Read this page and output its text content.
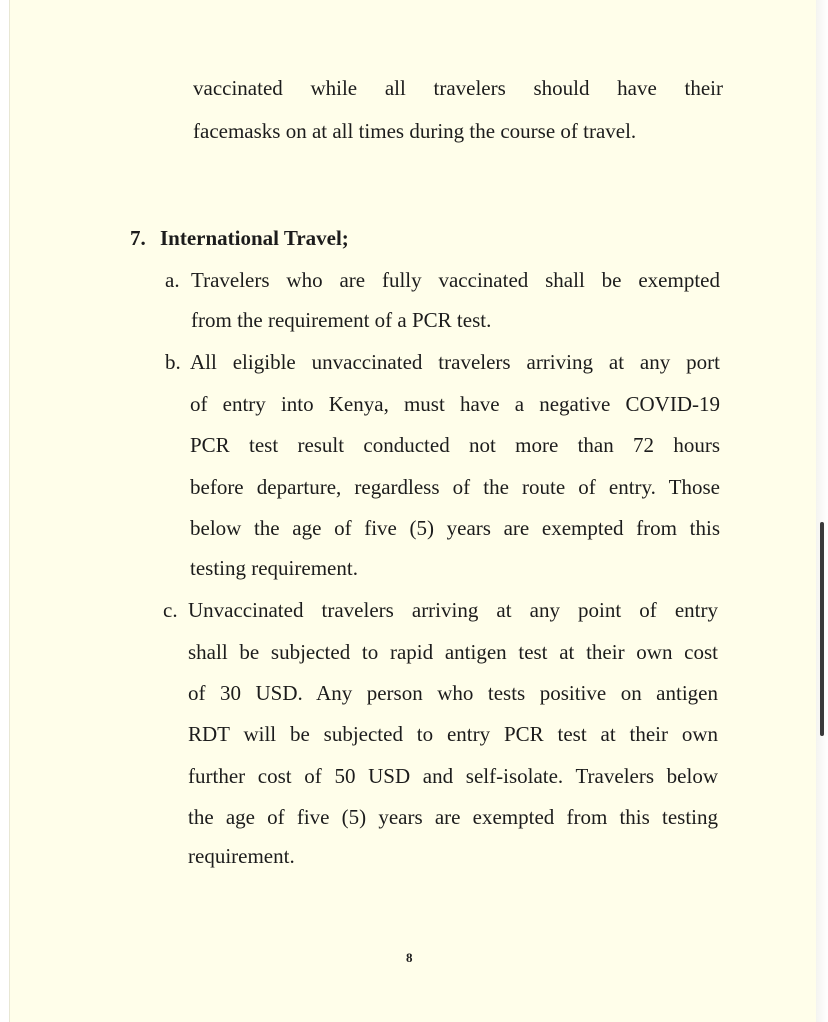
vaccinated while all travelers should have their
facemasks on at all times during the course of travel.
7. International Travel;
a. Travelers who are fully vaccinated shall be exempted
from the requirement of a PCR test.
b. All eligible unvaccinated travelers arriving at any port
of entry into Kenya, must have a negative COVID-19
PCR test result conducted not more than 72 hours
before departure, regardless of the route of entry. Those
below the age of five (5) years are exempted from this
testing requirement.
c. Unvaccinated travelers arriving at any point of entry
shall be subjected to rapid antigen test at their own cost
of 30 USD. Any person who tests positive on antigen
RDT will be subjected to entry PCR test at their own
further cost of 50 USD and self-isolate. Travelers below
the age of five (5) years are exempted from this testing
requirement.
8
